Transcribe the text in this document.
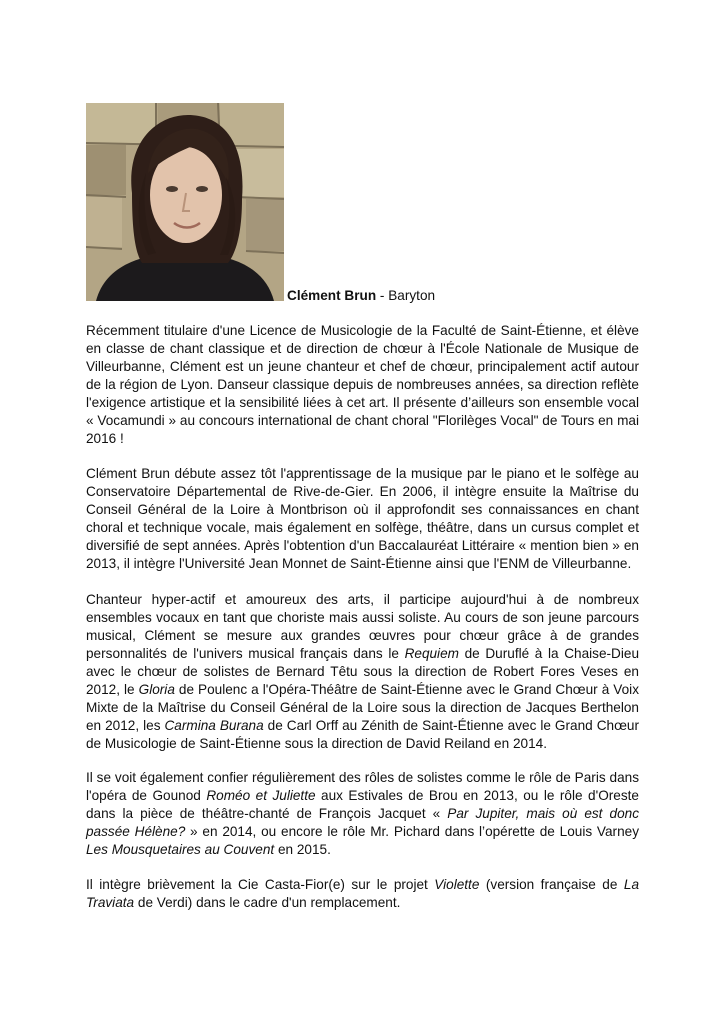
Clément Brun - Baryton

Récemment titulaire d'une Licence de Musicologie de la Faculté de Saint-Étienne, et élève en classe de chant classique et de direction de chœur à l'École Nationale de Musique de Villeurbanne, Clément est un jeune chanteur et chef de chœur, principalement actif autour de la région de Lyon. Danseur classique depuis de nombreuses années, sa direction reflète l'exigence artistique et la sensibilité liées à cet art. Il présente d’ailleurs son ensemble vocal « Vocamundi » au concours international de chant choral "Florilèges Vocal" de Tours en mai 2016 !

Clément Brun débute assez tôt l'apprentissage de la musique par le piano et le solfège au Conservatoire Départemental de Rive-de-Gier. En 2006, il intègre ensuite la Maîtrise du Conseil Général de la Loire à Montbrison où il approfondit ses connaissances en chant choral et technique vocale, mais également en solfège, théâtre, dans un cursus complet et diversifié de sept années. Après l'obtention d'un Baccalauréat Littéraire « mention bien » en 2013, il intègre l'Université Jean Monnet de Saint-Étienne ainsi que l'ENM de Villeurbanne.

Chanteur hyper-actif et amoureux des arts, il participe aujourd'hui à de nombreux ensembles vocaux en tant que choriste mais aussi soliste. Au cours de son jeune parcours musical, Clément se mesure aux grandes œuvres pour chœur grâce à de grandes personnalités de l'univers musical français dans le Requiem de Duruflé à la Chaise-Dieu avec le chœur de solistes de Bernard Têtu sous la direction de Robert Fores Veses en 2012, le Gloria de Poulenc a l'Opéra-Théâtre de Saint-Étienne avec le Grand Chœur à Voix Mixte de la Maîtrise du Conseil Général de la Loire sous la direction de Jacques Berthelon en 2012, les Carmina Burana de Carl Orff au Zénith de Saint-Étienne avec le Grand Chœur de Musicologie de Saint-Étienne sous la direction de David Reiland en 2014.

Il se voit également confier régulièrement des rôles de solistes comme le rôle de Paris dans l'opéra de Gounod Roméo et Juliette aux Estivales de Brou en 2013, ou le rôle d'Oreste dans la pièce de théâtre-chanté de François Jacquet « Par Jupiter, mais où est donc passée Hélène? » en 2014, ou encore le rôle Mr. Pichard dans l’opérette de Louis Varney Les Mousquetaires au Couvent en 2015.

Il intègre brièvement la Cie Casta-Fior(e) sur le projet Violette (version française de La Traviata de Verdi) dans le cadre d'un remplacement.
